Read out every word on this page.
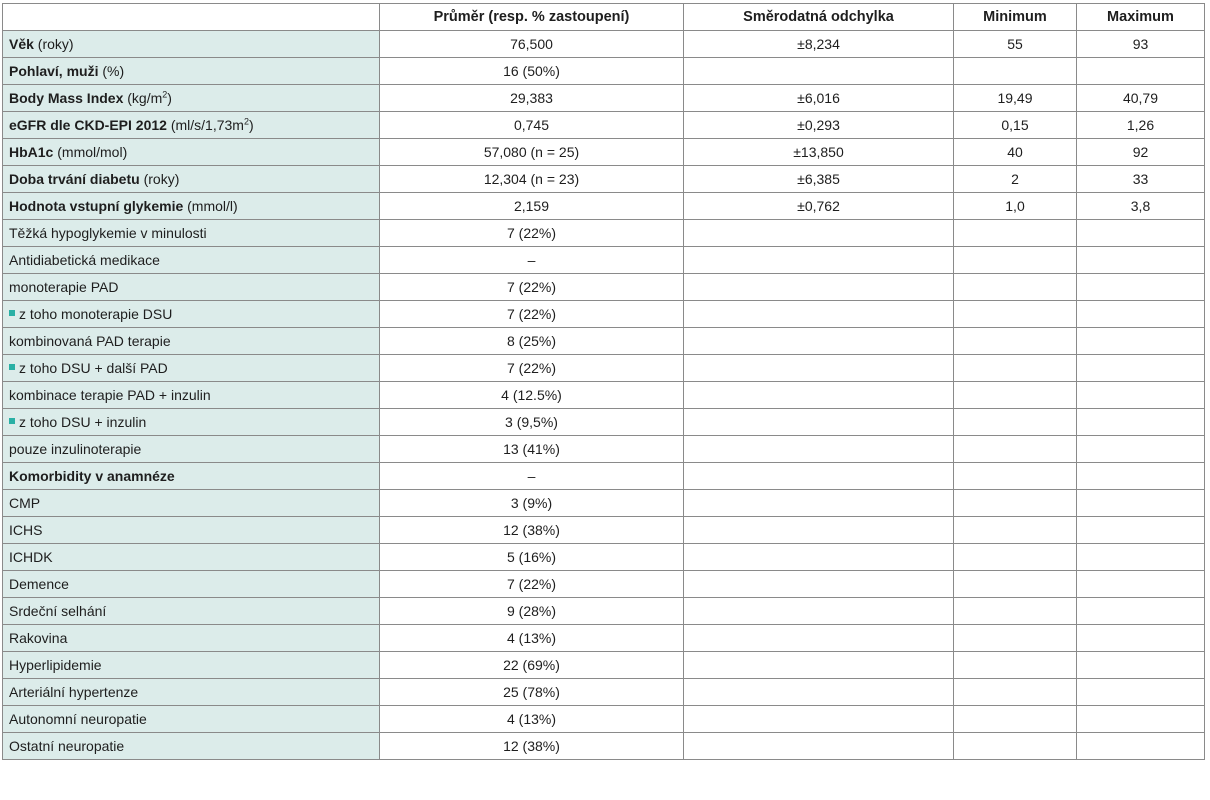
	Průměr (resp. % zastoupení)	Směrodatná odchylka	Minimum	Maximum
Věk (roky)	76,500	±8,234	55	93
Pohlaví, muži (%)	16 (50%)			
Body Mass Index $(kg/m^2)$	29,383	±6,016	19,49	40,79
eGFR dle CKD-EPI 2012 $(ml/s/1,73m^2)$	0,745	±0,293	0,15	1,26
HbA1c (mmol/mol)	57,080 (n = 25)	±13,850	40	92
Doba trvání diabetu (roky)	12,304 (n = 23)	±6,385	2	33
Hodnota vstupní glykemie (mmol/l)	2,159	±0,762	1,0	3,8
Těžká hypoglykemie v minulosti	7 (22%)			
Antidiabetická medikace	–			
monoterapie PAD	7 (22%)			
z toho monoterapie DSU	7 (22%)			
kombinovaná PAD terapie	8 (25%)			
z toho DSU + další PAD	7 (22%)			
kombinace terapie PAD + inzulin	4 (12.5%)			
z toho DSU + inzulin	3 (9,5%)			
pouze inzulinoterapie	13 (41%)			
Komorbidity v anamnéze	–			
CMP	3 (9%)			
ICHS	12 (38%)			
ICHDK	5 (16%)			
Demence	7 (22%)			
Srdeční selhání	9 (28%)			
Rakovina	4 (13%)			
Hyperlipidemie	22 (69%)			
Arteriální hypertenze	25 (78%)			
Autonomní neuropatie	4 (13%)			
Ostatní neuropatie	12 (38%)			
